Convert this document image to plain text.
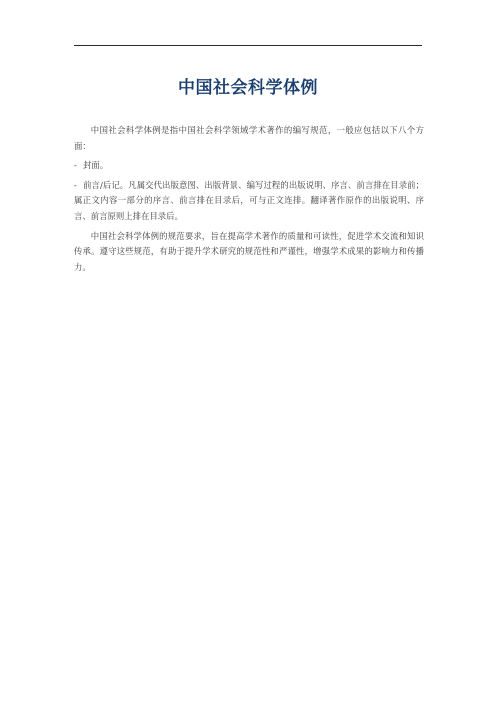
中国社会科学体例

中国社会科学体例是指中国社会科学领域学术著作的编写规范，一般应包括以下八个方面：

- 封面。

- 前言/后记。凡属交代出版意图、出版背景、编写过程的出版说明、序言、前言排在目录前；属正文内容一部分的序言、前言排在目录后，可与正文连排。翻译著作原作的出版说明、序言、前言原则上排在目录后。

中国社会科学体例的规范要求，旨在提高学术著作的质量和可读性，促进学术交流和知识传承。遵守这些规范，有助于提升学术研究的规范性和严谨性，增强学术成果的影响力和传播力。
